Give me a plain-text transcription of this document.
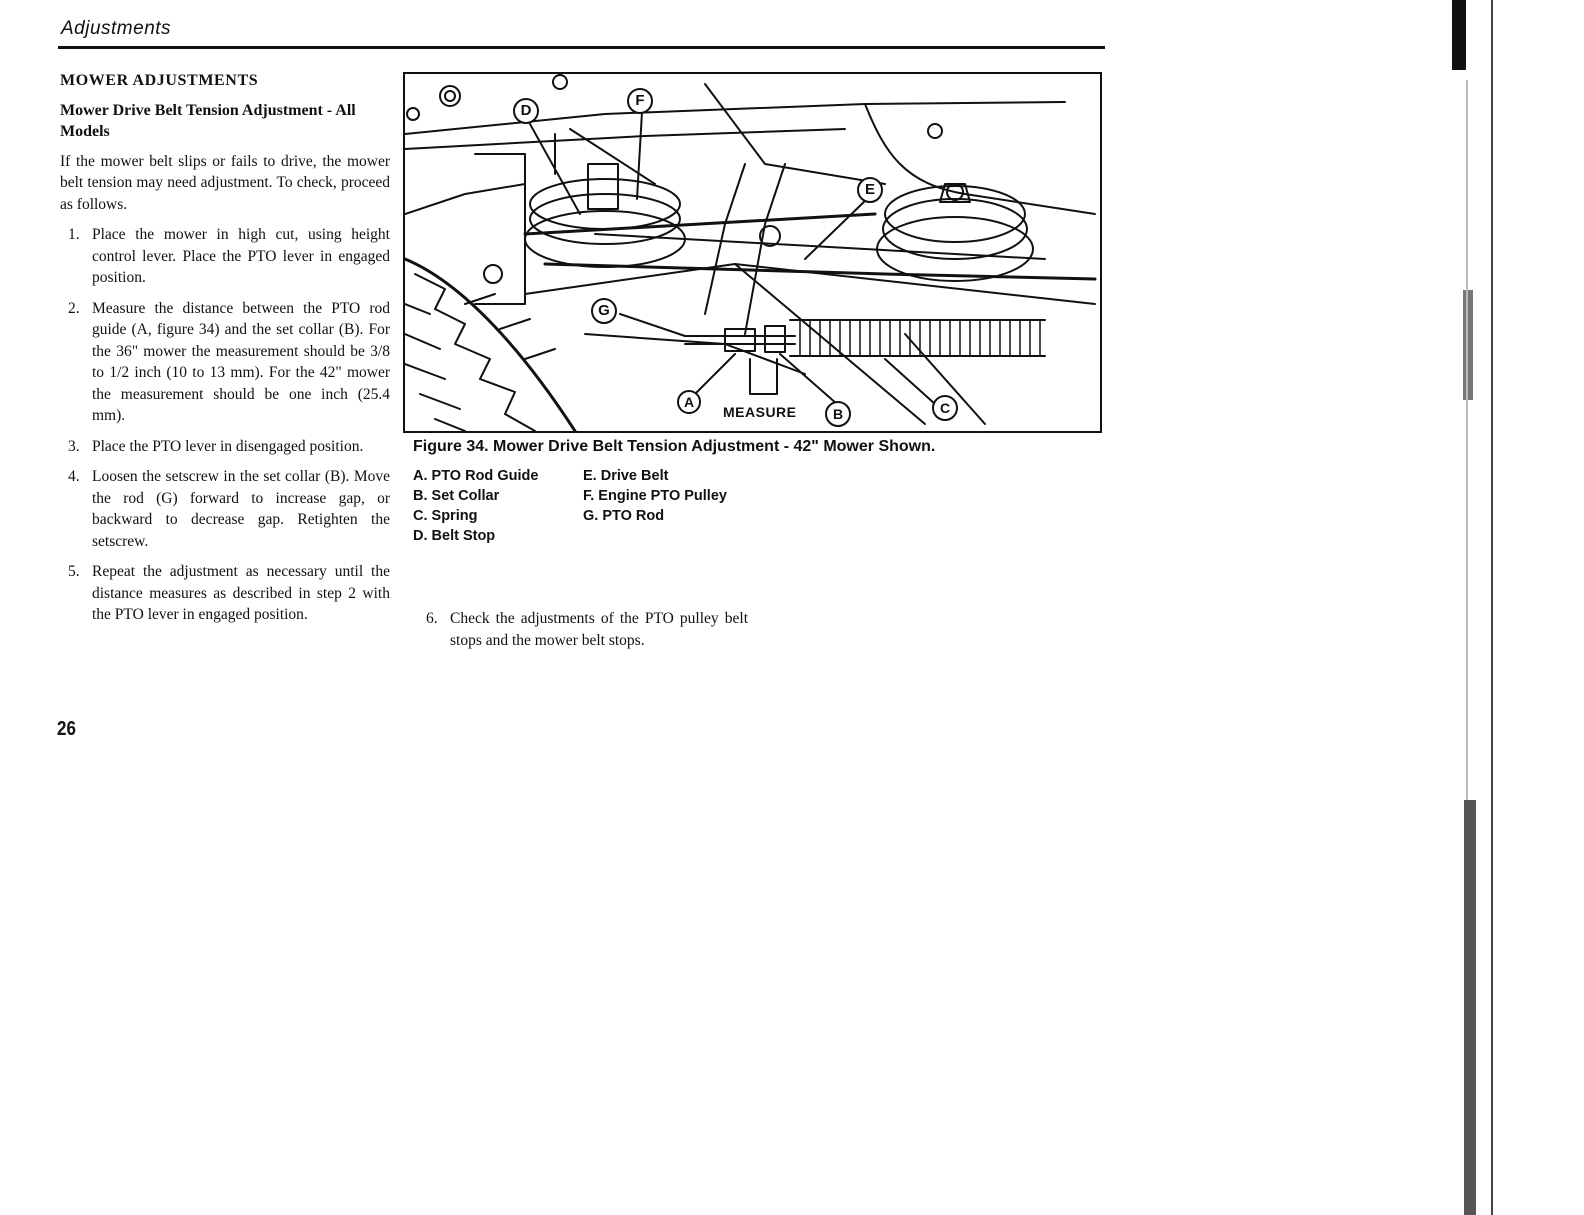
Adjustments
MOWER ADJUSTMENTS
Mower Drive Belt Tension Adjustment - All Models

If the mower belt slips or fails to drive, the mower belt tension may need adjustment. To check, proceed as follows.

1. Place the mower in high cut, using height control lever. Place the PTO lever in engaged position.
2. Measure the distance between the PTO rod guide (A, figure 34) and the set collar (B). For the 36" mower the measurement should be 3/8 to 1/2 inch (10 to 13 mm). For the 42" mower the measurement should be one inch (25.4 mm).
3. Place the PTO lever in disengaged position.
4. Loosen the setscrew in the set collar (B). Move the rod (G) forward to increase gap, or backward to decrease gap. Retighten the setscrew.
5. Repeat the adjustment as necessary until the distance measures as described in step 2 with the PTO lever in engaged position.
D
F
E
G
A
MEASURE	B	C
Figure 34. Mower Drive Belt Tension Adjustment - 42" Mower Shown.
A. PTO Rod Guide
B. Set Collar
C. Spring
D. Belt Stop
E. Drive Belt
F. Engine PTO Pulley
G. PTO Rod
6. Check the adjustments of the PTO pulley belt stops and the mower belt stops.
26
